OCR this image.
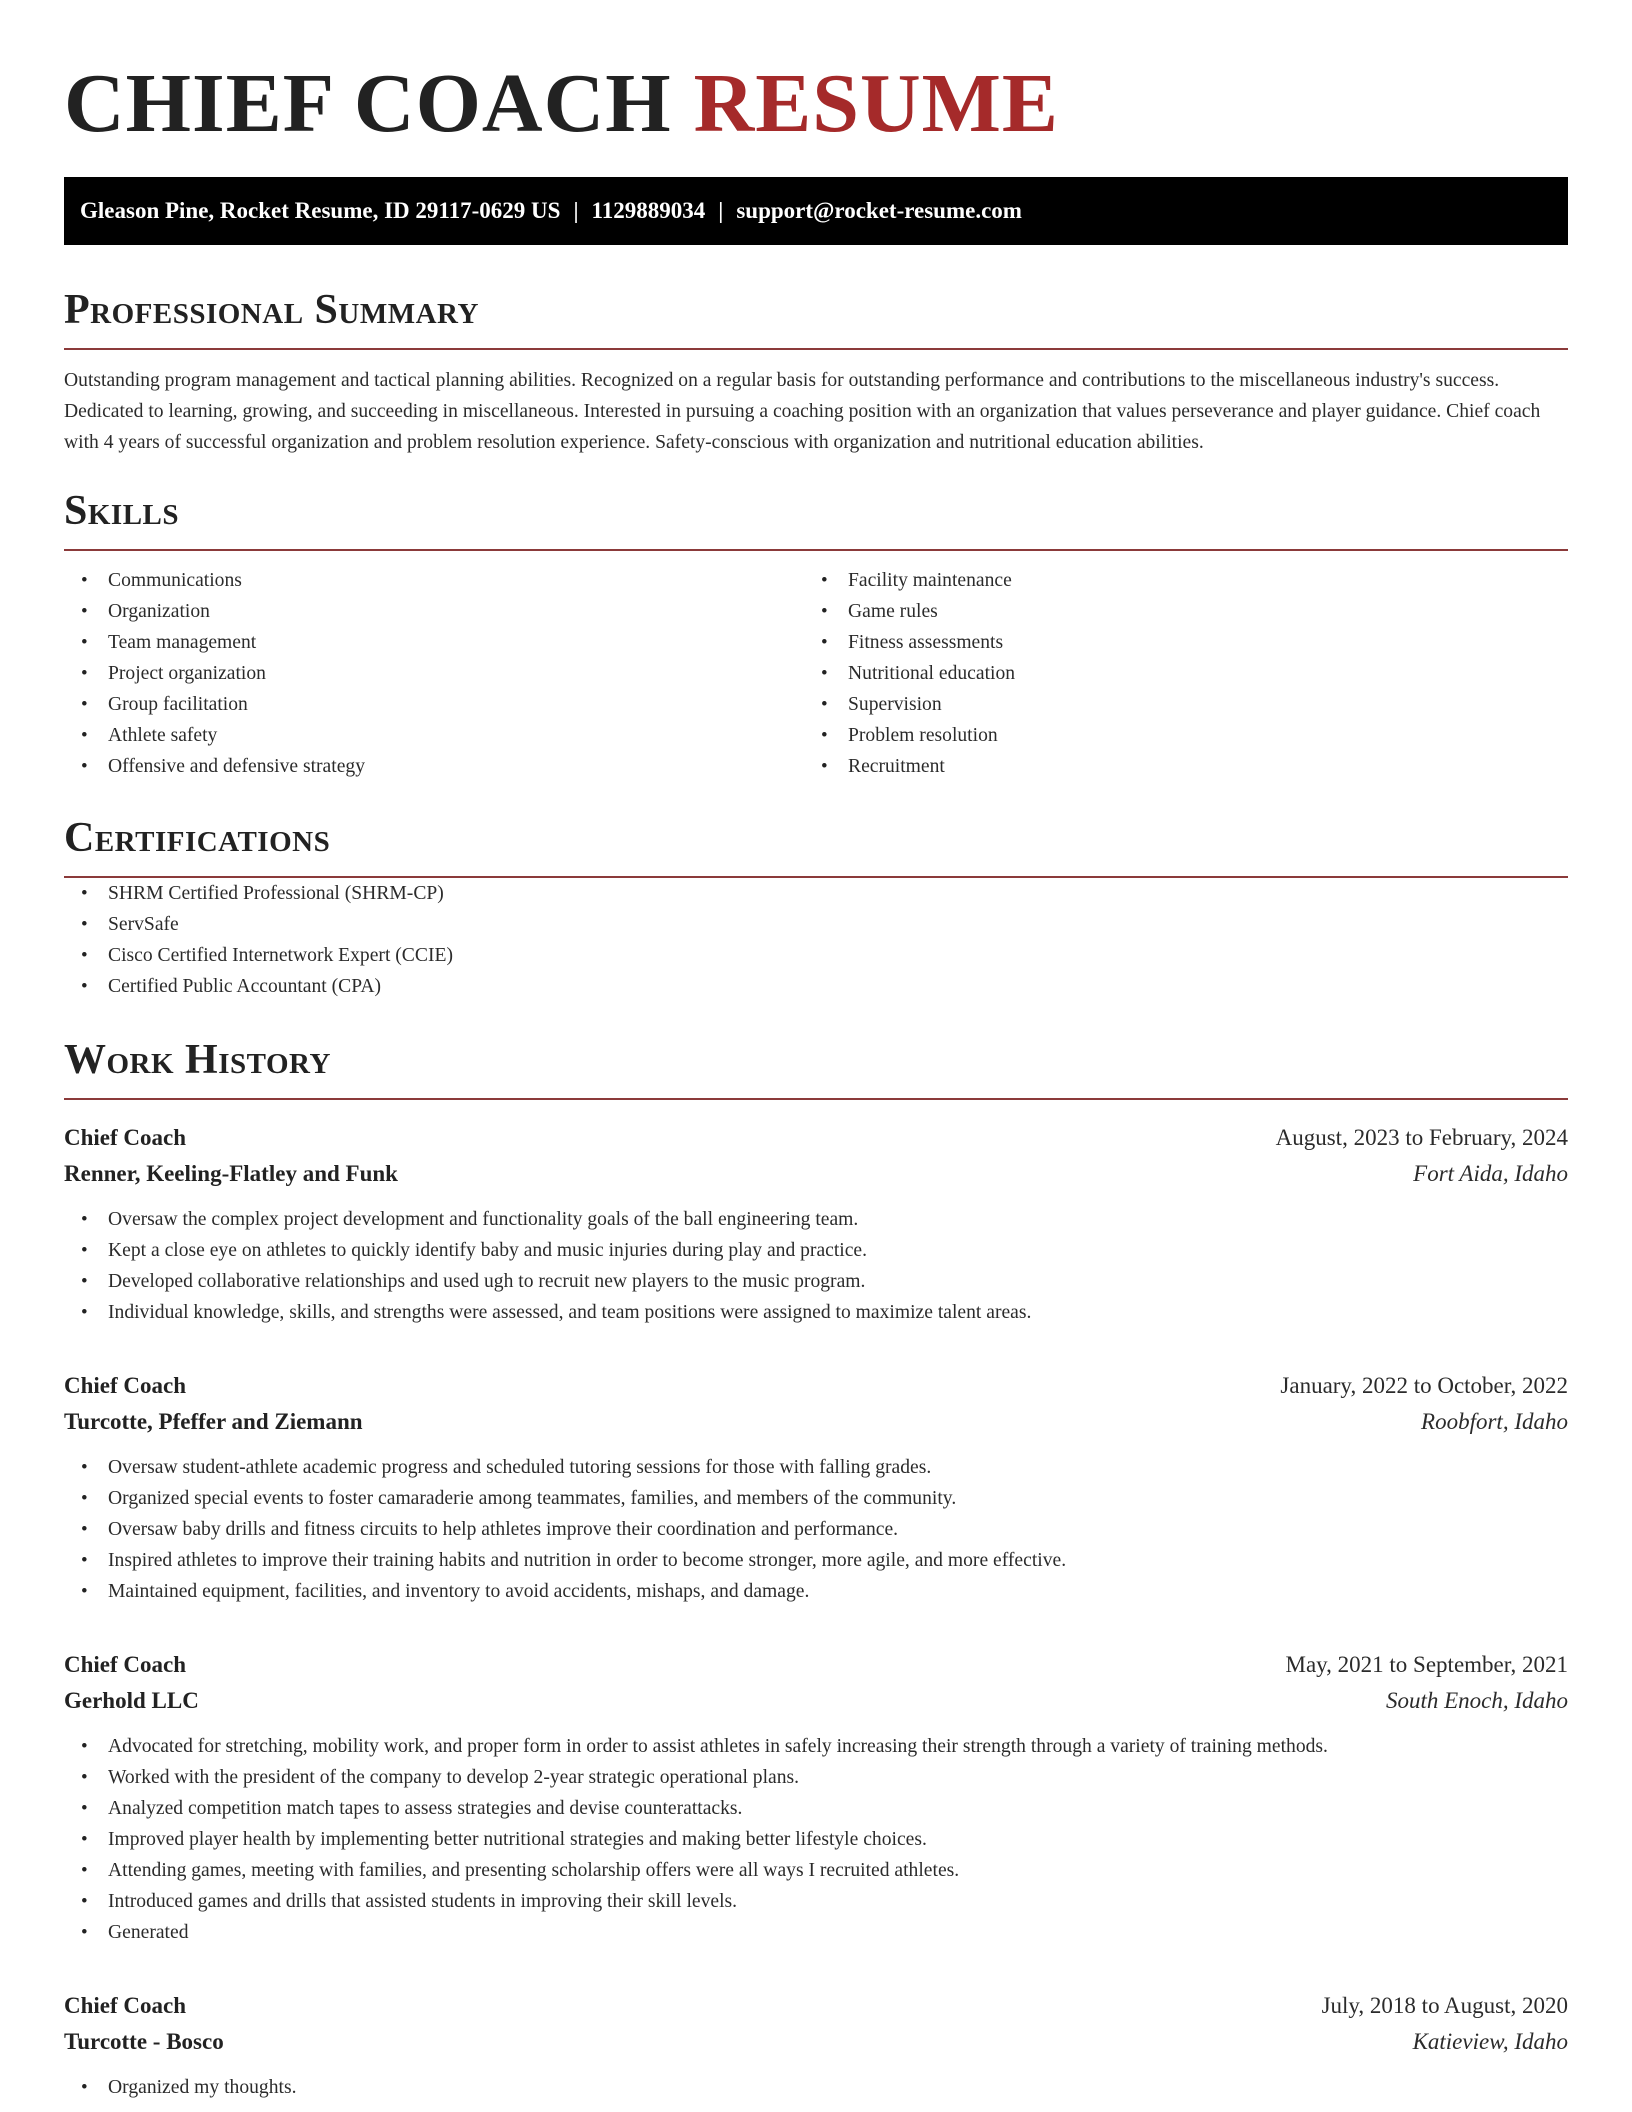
CHIEF COACH RESUME
Gleason Pine, Rocket Resume, ID 29117-0629 US | 1129889034 | support@rocket-resume.com
Professional Summary

Outstanding program management and tactical planning abilities. Recognized on a regular basis for outstanding performance and contributions to the miscellaneous industry's success. Dedicated to learning, growing, and succeeding in miscellaneous. Interested in pursuing a coaching position with an organization that values perseverance and player guidance. Chief coach with 4 years of successful organization and problem resolution experience. Safety-conscious with organization and nutritional education abilities.

Skills
• Communications
• Organization
• Team management
• Project organization
• Group facilitation
• Athlete safety
• Offensive and defensive strategy
• Facility maintenance
• Game rules
• Fitness assessments
• Nutritional education
• Supervision
• Problem resolution
• Recruitment
Certifications
• SHRM Certified Professional (SHRM-CP)
• ServSafe
• Cisco Certified Internetwork Expert (CCIE)
• Certified Public Accountant (CPA)
Work History
Chief Coach	August, 2023 to February, 2024
Renner, Keeling-Flatley and Funk	Fort Aida, Idaho
• Oversaw the complex project development and functionality goals of the ball engineering team.
• Kept a close eye on athletes to quickly identify baby and music injuries during play and practice.
• Developed collaborative relationships and used ugh to recruit new players to the music program.
• Individual knowledge, skills, and strengths were assessed, and team positions were assigned to maximize talent areas.
Chief Coach	January, 2022 to October, 2022
Turcotte, Pfeffer and Ziemann	Roobfort, Idaho
• Oversaw student-athlete academic progress and scheduled tutoring sessions for those with falling grades.
• Organized special events to foster camaraderie among teammates, families, and members of the community.
• Oversaw baby drills and fitness circuits to help athletes improve their coordination and performance.
• Inspired athletes to improve their training habits and nutrition in order to become stronger, more agile, and more effective.
• Maintained equipment, facilities, and inventory to avoid accidents, mishaps, and damage.
Chief Coach	May, 2021 to September, 2021
Gerhold LLC	South Enoch, Idaho
• Advocated for stretching, mobility work, and proper form in order to assist athletes in safely increasing their strength through a variety of training methods.
• Worked with the president of the company to develop 2-year strategic operational plans.
• Analyzed competition match tapes to assess strategies and devise counterattacks.
• Improved player health by implementing better nutritional strategies and making better lifestyle choices.
• Attending games, meeting with families, and presenting scholarship offers were all ways I recruited athletes.
• Introduced games and drills that assisted students in improving their skill levels.
• Generated
Chief Coach	July, 2018 to August, 2020
Turcotte - Bosco	Katieview, Idaho
• Organized my thoughts.
